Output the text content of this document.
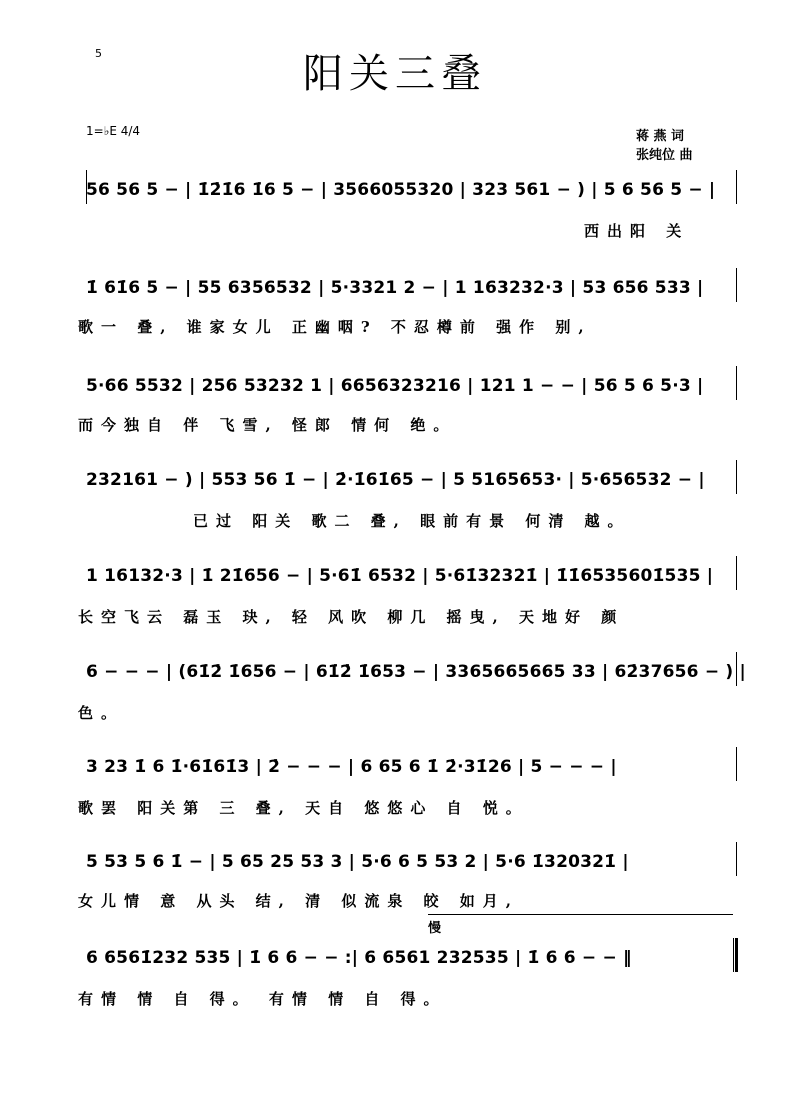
5	阳关三叠
1=♭E 4/4	蒋 燕 词
张纯位 曲
56 56 5 − | 1̇2̇1̇6 1̇6 5 − | 3566055320 | 323 561 − ) | 5 6 56 5 − |
　　　　　　　　　　　　　　　　　　　　　　西出阳 关
1̇ 61̇6 5 − | 55 6356532 | 5·3321 2 − | 1 163232·3 | 53 656 533 |
歌一 叠, 谁家女儿 正幽咽? 不忍樽前 强作 别,
5·66 5532 | 256 53232 1 | 6656323216 | 121 1 − − | 56 5 6 5·3 |
而今独自 伴 飞雪, 怪郎 情何 绝。
232161 − ) | 553 56 1̇ − | 2̇·1̇61̇65 − | 5 5165653· | 5·656532 − |
　　　　　已过 阳关 歌二 叠, 眼前有景 何清 越。
1 16132·3 | 1̇ 21̇656 − | 5·61̇ 6532 | 5·61̇32321̇ | 1̇1̇6535601̇535 |
长空飞云 磊玉 玦, 轻 风吹 柳几 摇曳, 天地好 颜
6 − − − | (61̇2̇ 1̇656 − | 61̇2̇ 1̇653 − | 3365665665 33 | 62̇37656 − ) |
色。
3 23 1̇ 6 1̇·61̇61̇3 | 2̇ − − − | 6 65 6 1̇ 2̇·31̇26 | 5 − − − |
歌罢 阳关第 三 叠, 天自 悠悠心 自 悦。
5 53 5 6 1̇ − | 5 65 25 53 3 | 5·6 6 5 53 2 | 5·6 1̇320321̇ |
女儿情 意 从头 结, 清 似流泉 皎 如月,
慢
6 6561̇232 535 | 1̇ 6 6 − − :| 6 6561 232535 | 1̇ 6 6 − − ‖
有情 情 自 得。 有情 情 自 得。
